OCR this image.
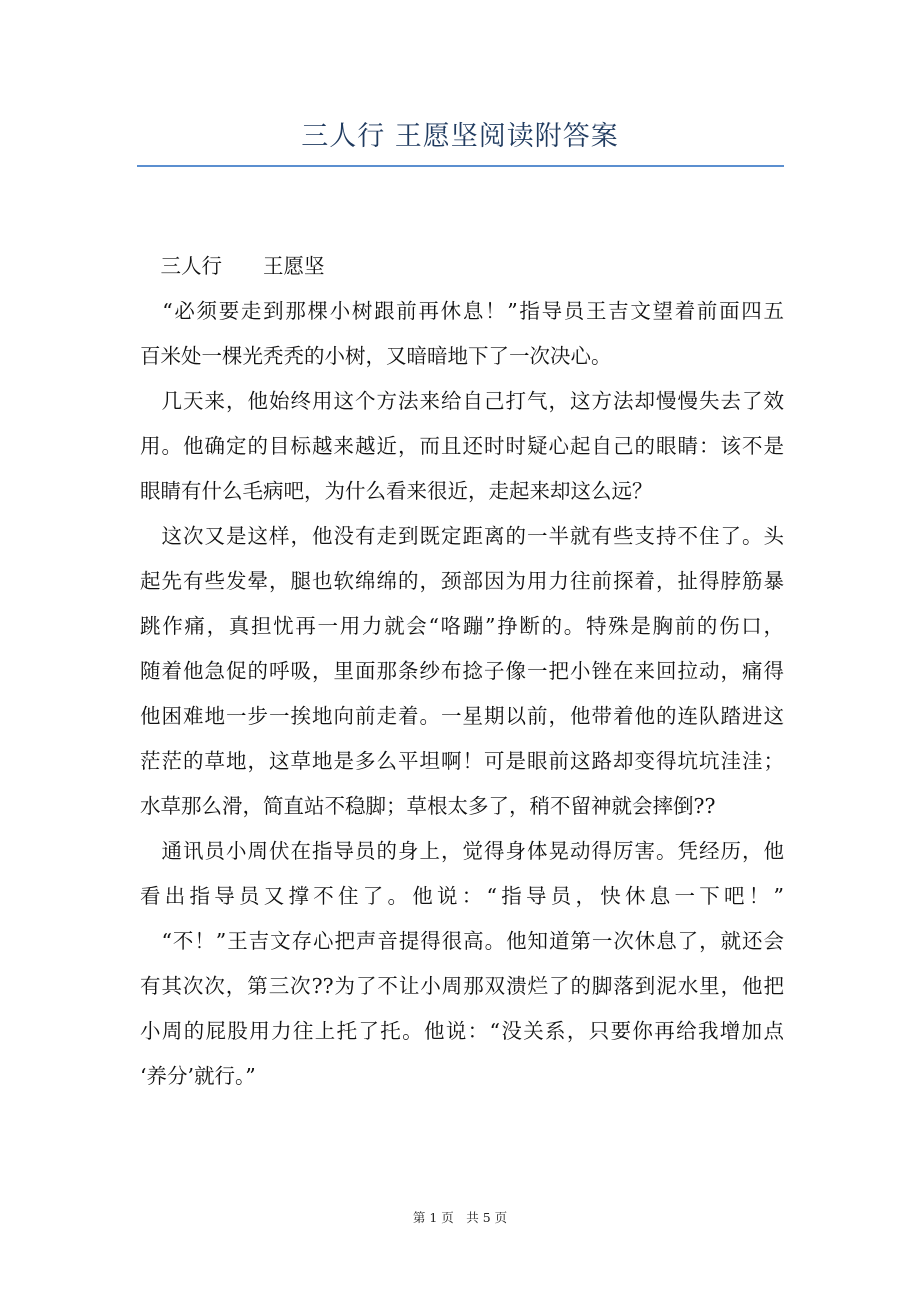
三人行 王愿坚阅读附答案
　三人行　　王愿坚
　“必须要走到那棵小树跟前再休息！”指导员王吉文望着前面四五
百米处一棵光秃秃的小树，又暗暗地下了一次决心。
　几天来，他始终用这个方法来给自己打气，这方法却慢慢失去了效
用。他确定的目标越来越近，而且还时时疑心起自己的眼睛：该不是
眼睛有什么毛病吧，为什么看来很近，走起来却这么远？
　这次又是这样，他没有走到既定距离的一半就有些支持不住了。头
起先有些发晕，腿也软绵绵的，颈部因为用力往前探着，扯得脖筋暴
跳作痛，真担忧再一用力就会“咯蹦”挣断的。特殊是胸前的伤口，
随着他急促的呼吸，里面那条纱布捻子像一把小锉在来回拉动，痛得
他困难地一步一挨地向前走着。一星期以前，他带着他的连队踏进这
茫茫的草地，这草地是多么平坦啊！可是眼前这路却变得坑坑洼洼；
水草那么滑，简直站不稳脚；草根太多了，稍不留神就会摔倒??
　通讯员小周伏在指导员的身上，觉得身体晃动得厉害。凭经历，他
看出指导员又撑不住了。他说：“指导员，快休息一下吧！”
　“不！”王吉文存心把声音提得很高。他知道第一次休息了，就还会
有其次次，第三次??为了不让小周那双溃烂了的脚落到泥水里，他把
小周的屁股用力往上托了托。他说：“没关系，只要你再给我增加点
‘养分’就行。”
第 1 页　共 5 页
